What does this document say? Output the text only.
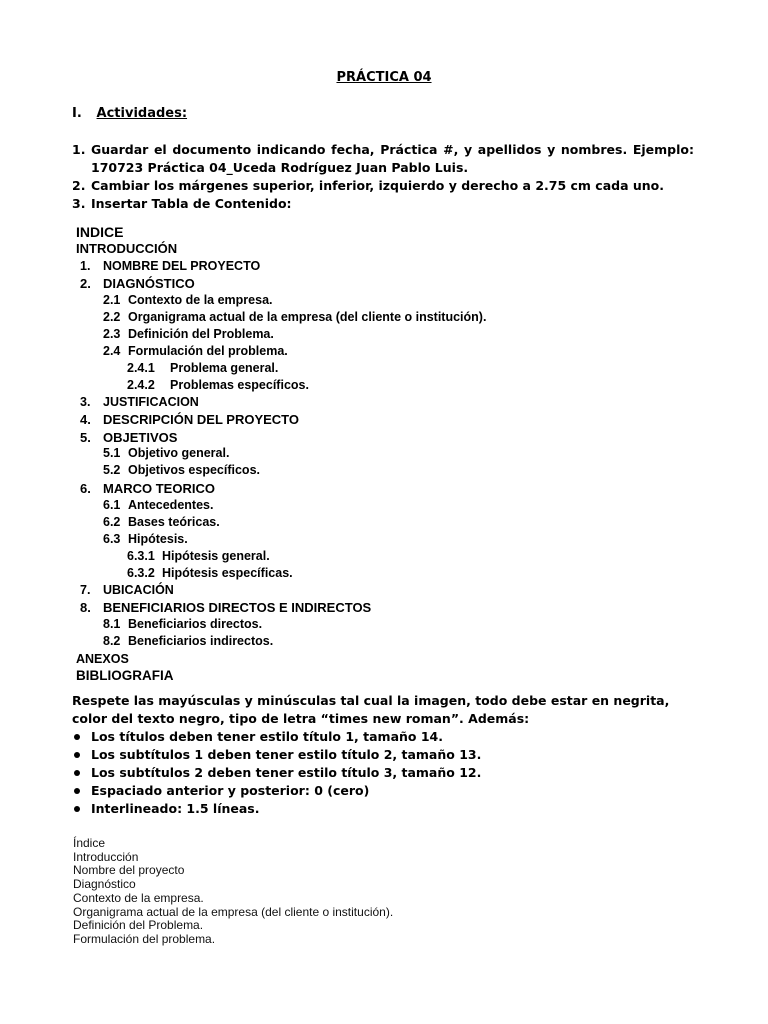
PRÁCTICA 04
I. Actividades:
1. Guardar el documento indicando fecha, Práctica #, y apellidos y nombres. Ejemplo: 170723 Práctica 04_Uceda Rodríguez Juan Pablo Luis.
2. Cambiar los márgenes superior, inferior, izquierdo y derecho a 2.75 cm cada uno.
3. Insertar Tabla de Contenido:
INDICE
INTRODUCCIÓN
1. NOMBRE DEL PROYECTO
2. DIAGNÓSTICO
2.1 Contexto de la empresa.
2.2 Organigrama actual de la empresa (del cliente o institución).
2.3 Definición del Problema.
2.4 Formulación del problema.
2.4.1 Problema general.
2.4.2 Problemas específicos.
3. JUSTIFICACION
4. DESCRIPCIÓN DEL PROYECTO
5. OBJETIVOS
5.1 Objetivo general.
5.2 Objetivos específicos.
6. MARCO TEORICO
6.1 Antecedentes.
6.2 Bases teóricas.
6.3 Hipótesis.
6.3.1 Hipótesis general.
6.3.2 Hipótesis específicas.
7. UBICACIÓN
8. BENEFICIARIOS DIRECTOS E INDIRECTOS
8.1 Beneficiarios directos.
8.2 Beneficiarios indirectos.
ANEXOS
BIBLIOGRAFIA

Respete las mayúsculas y minúsculas tal cual la imagen, todo debe estar en negrita, color del texto negro, tipo de letra “times new roman”. Además:

Los títulos deben tener estilo título 1, tamaño 14.
Los subtítulos 1 deben tener estilo título 2, tamaño 13.
Los subtítulos 2 deben tener estilo título 3, tamaño 12.
Espaciado anterior y posterior: 0 (cero)
Interlineado: 1.5 líneas.
Índice
Introducción
Nombre del proyecto
Diagnóstico
Contexto de la empresa.
Organigrama actual de la empresa (del cliente o institución).
Definición del Problema.
Formulación del problema.
